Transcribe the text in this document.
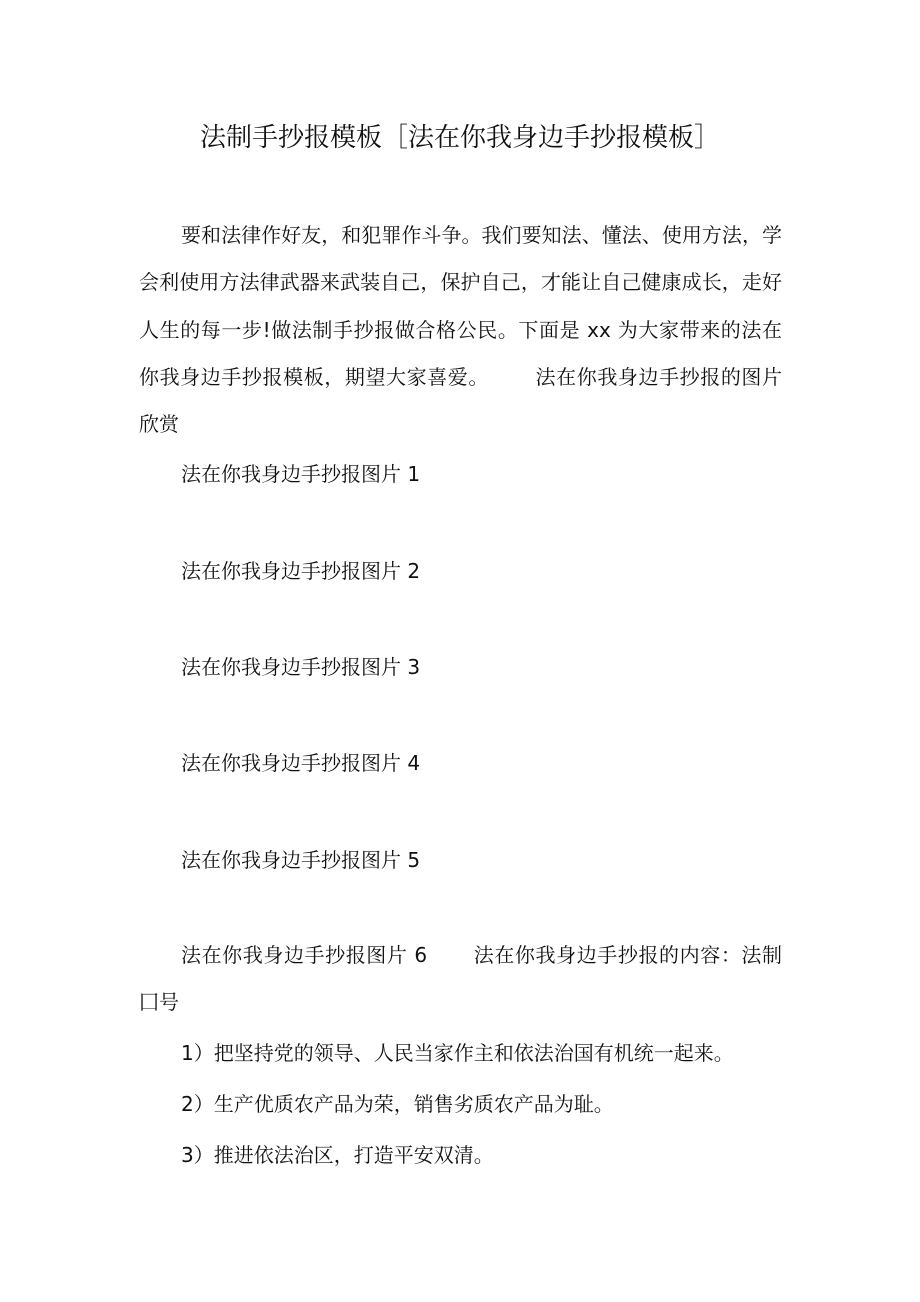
法制手抄报模板［法在你我身边手抄报模板］

要和法律作好友，和犯罪作斗争。我们要知法、懂法、使用方法，学会利使用方法律武器来武装自己，保护自己，才能让自己健康成长，走好人生的每一步!做法制手抄报做合格公民。下面是 xx 为大家带来的法在你我身边手抄报模板，期望大家喜爱。 法在你我身边手抄报的图片欣赏

法在你我身边手抄报图片 1

法在你我身边手抄报图片 2

法在你我身边手抄报图片 3

法在你我身边手抄报图片 4

法在你我身边手抄报图片 5

法在你我身边手抄报图片 6 法在你我身边手抄报的内容：法制囗号

1）把坚持党的领导、人民当家作主和依法治国有机统一起来。
2）生产优质农产品为荣，销售劣质农产品为耻。
3）推进依法治区，打造平安双清。
